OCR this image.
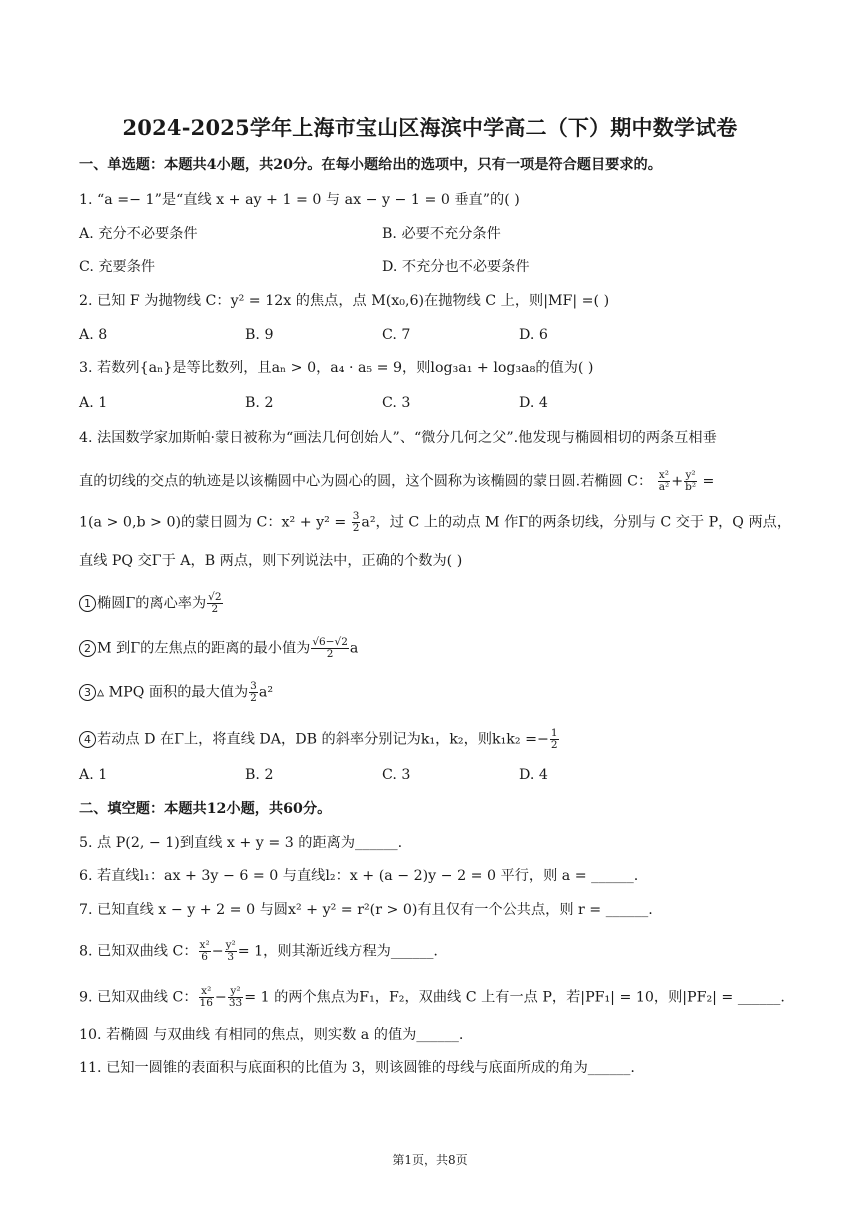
2024-2025学年上海市宝山区海滨中学高二（下）期中数学试卷
一、单选题：本题共4小题，共20分。在每小题给出的选项中，只有一项是符合题目要求的。
1. “a =− 1”是“直线 x + ay + 1 = 0 与 ax − y − 1 = 0 垂直”的( )
A. 充分不必要条件	B. 必要不充分条件
C. 充要条件	D. 不充分也不必要条件
2. 已知 F 为抛物线 C：y² = 12x 的焦点，点 M(x₀,6)在抛物线 C 上，则|MF| =( )
A. 8	B. 9	C. 7	D. 6
3. 若数列{aₙ}是等比数列，且aₙ > 0，a₄ · a₅ = 9，则log₃a₁ + log₃a₈的值为( )
A. 1	B. 2	C. 3	D. 4
4. 法国数学家加斯帕·蒙日被称为“画法几何创始人”、“微分几何之父”.他发现与椭圆相切的两条互相垂
直的切线的交点的轨迹是以该椭圆中心为圆心的圆，这个圆称为该椭圆的蒙日圆.若椭圆 C： $\frac{\text{x²}}{\text{a²}} + \frac{\text{y²}}{\text{b²}}$ =
1(a > 0,b > 0)的蒙日圆为 C：$x^2 + y^2 = \frac{3}{2} a^2$，过 C 上的动点 M 作Γ的两条切线，分别与 C 交于 P，Q 两点，
直线 PQ 交Γ于 A，B 两点，则下列说法中，正确的个数为( )
1 椭圆Γ的离心率为 $\frac{√2}{2}$
2 M 到Γ的左焦点的距离的最小值为 $\frac{√6-√2}{2}$ a
3 ▵ MPQ 面积的最大值为 $\frac{3}{2} a^2$
4 若动点 D 在Γ上，将直线 DA，DB 的斜率分别记为k₁，k₂，则$k_1k_2 =- \frac{1}{2}$
A. 1	B. 2	C. 3	D. 4
二、填空题：本题共12小题，共60分。
5. 点 P(2, − 1)到直线 x + y = 3 的距离为______.
6. 若直线l₁：ax + 3y − 6 = 0 与直线l₂：x + (a − 2)y − 2 = 0 平行，则 a = ______.
7. 已知直线 x − y + 2 = 0 与圆x² + y² = r²(r > 0)有且仅有一个公共点，则 r = ______.
8. 已知双曲线 C： $\frac{\text{x²}}{6} - \frac{\text{y²}}{3} = 1$，则其渐近线方程为______.
9. 已知双曲线 C： $\frac{\text{x²}}{16} - \frac{\text{y²}}{33} = 1$ 的两个焦点为F₁，F₂，双曲线 C 上有一点 P，若|PF₁| = 10，则|PF₂| = ______.
10. 若椭圆 与双曲线 有相同的焦点，则实数 a 的值为______.
11. 已知一圆锥的表面积与底面积的比值为 3，则该圆锥的母线与底面所成的角为______.
第1页，共8页
